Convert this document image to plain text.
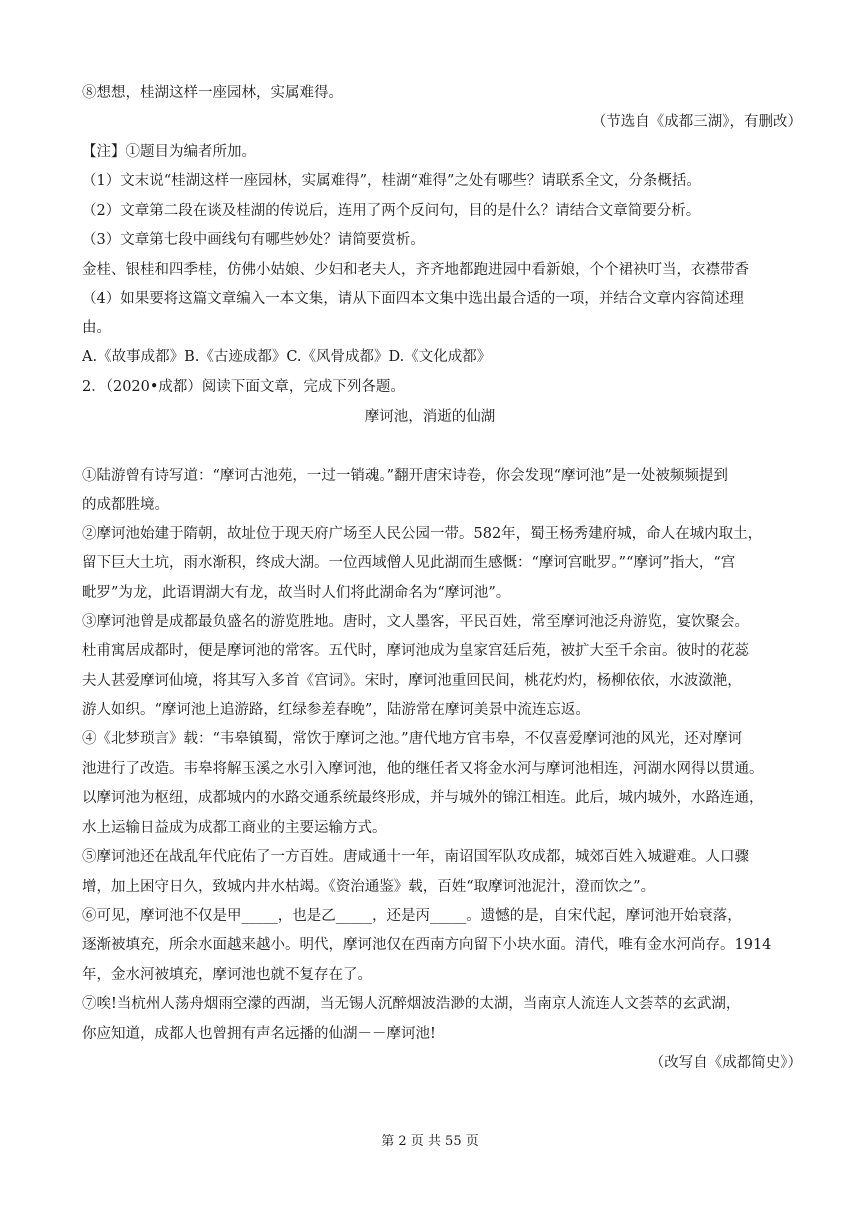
⑧想想，桂湖这样一座园林，实属难得。
（节选自《成都三湖》，有删改）
【注】①题目为编者所加。
（1）文末说“桂湖这样一座园林，实属难得”，桂湖“难得”之处有哪些？请联系全文，分条概括。
（2）文章第二段在谈及桂湖的传说后，连用了两个反问句，目的是什么？请结合文章简要分析。
（3）文章第七段中画线句有哪些妙处？请简要赏析。
金桂、银桂和四季桂，仿佛小姑娘、少妇和老夫人，齐齐地都跑进园中看新娘，个个裙袂叮当，衣襟带香
（4）如果要将这篇文章编入一本文集，请从下面四本文集中选出最合适的一项，并结合文章内容简述理
由。
A.《故事成都》B.《古迹成都》C.《风骨成都》D.《文化成都》
2．（2020•成都）阅读下面文章，完成下列各题。
摩诃池，消逝的仙湖
①陆游曾有诗写道：“摩诃古池苑，一过一销魂。”翻开唐宋诗卷，你会发现“摩诃池”是一处被频频提到
的成都胜境。
②摩诃池始建于隋朝，故址位于现天府广场至人民公园一带。582年，蜀王杨秀建府城，命人在城内取土，
留下巨大土坑，雨水渐积，终成大湖。一位西域僧人见此湖而生感慨：“摩诃宫毗罗。”“摩诃”指大，“宫
毗罗”为龙，此语谓湖大有龙，故当时人们将此湖命名为“摩诃池”。
③摩诃池曾是成都最负盛名的游览胜地。唐时，文人墨客，平民百姓，常至摩诃池泛舟游览，宴饮聚会。
杜甫寓居成都时，便是摩诃池的常客。五代时，摩诃池成为皇家宫廷后苑，被扩大至千余亩。彼时的花蕊
夫人甚爱摩诃仙境，将其写入多首《宫词》。宋时，摩诃池重回民间，桃花灼灼，杨柳依依，水波潋滟，
游人如织。“摩诃池上追游路，红绿参差春晚”，陆游常在摩诃美景中流连忘返。
④《北梦琐言》载：“韦皋镇蜀，常饮于摩诃之池。”唐代地方官韦皋，不仅喜爱摩诃池的风光，还对摩诃
池进行了改造。韦皋将解玉溪之水引入摩诃池，他的继任者又将金水河与摩诃池相连，河湖水网得以贯通。
以摩诃池为枢纽，成都城内的水路交通系统最终形成，并与城外的锦江相连。此后，城内城外，水路连通，
水上运输日益成为成都工商业的主要运输方式。
⑤摩诃池还在战乱年代庇佑了一方百姓。唐咸通十一年，南诏国军队攻成都，城郊百姓入城避难。人口骤
增，加上困守日久，致城内井水枯竭。《资治通鉴》载，百姓“取摩诃池泥汁，澄而饮之”。
⑥可见，摩诃池不仅是甲_____，也是乙_____，还是丙_____。遗憾的是，自宋代起，摩诃池开始衰落，
逐渐被填充，所余水面越来越小。明代，摩诃池仅在西南方向留下小块水面。清代，唯有金水河尚存。1914
年，金水河被填充，摩诃池也就不复存在了。
⑦唉!当杭州人荡舟烟雨空濛的西湖，当无锡人沉醉烟波浩渺的太湖，当南京人流连人文荟萃的玄武湖，
你应知道，成都人也曾拥有声名远播的仙湖－－摩诃池!
（改写自《成都简史》）
第 2 页 共 55 页
